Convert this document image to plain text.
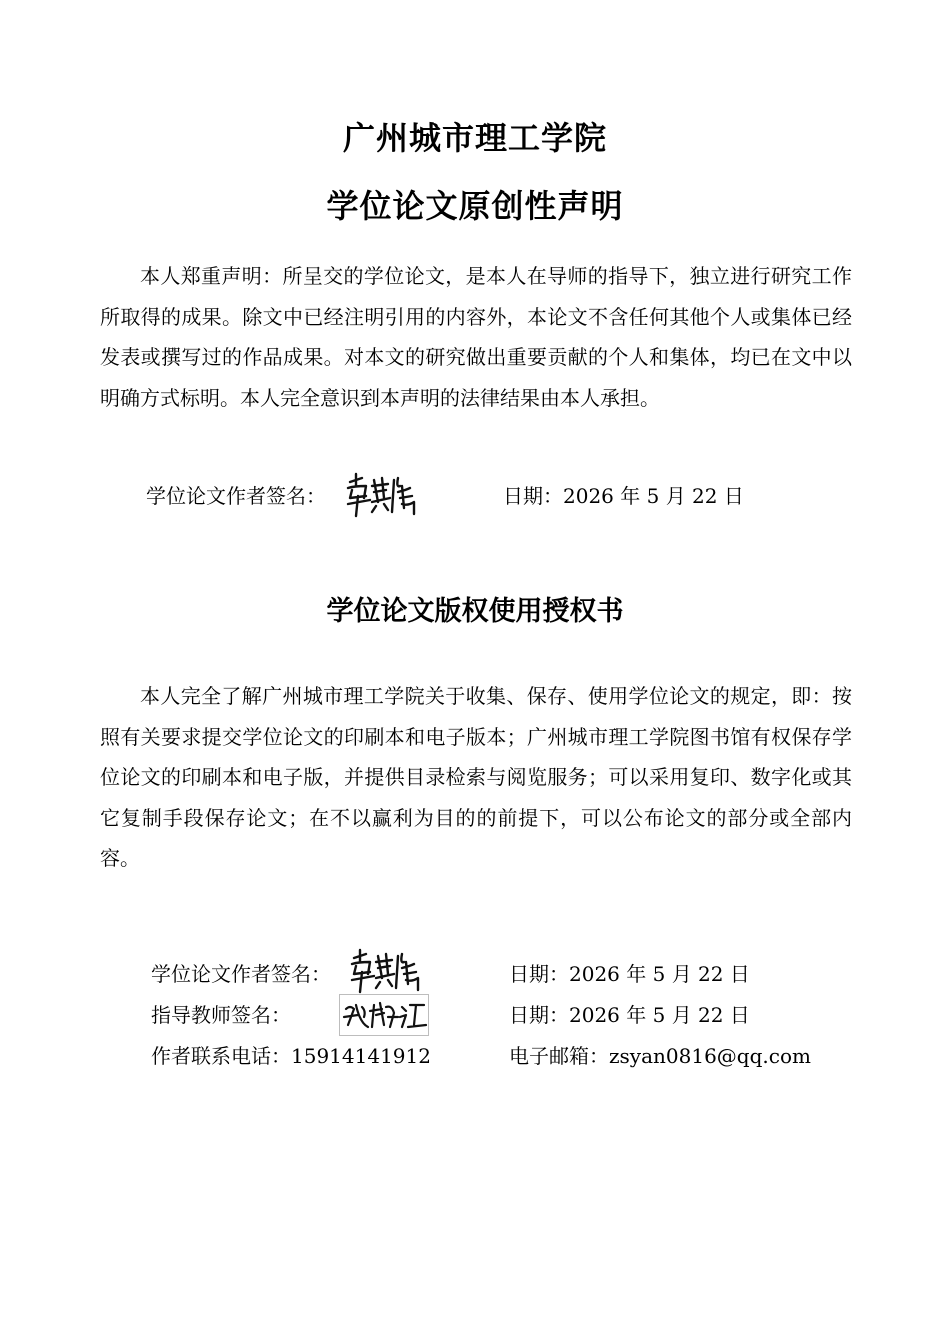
广州城市理工学院
学位论文原创性声明

本人郑重声明：所呈交的学位论文，是本人在导师的指导下，独立进行研究工作所取得的成果。除文中已经注明引用的内容外，本论文不含任何其他个人或集体已经发表或撰写过的作品成果。对本文的研究做出重要贡献的个人和集体，均已在文中以明确方式标明。本人完全意识到本声明的法律结果由本人承担。

学位论文作者签名：	日期：2026 年 5 月 22 日
学位论文版权使用授权书

本人完全了解广州城市理工学院关于收集、保存、使用学位论文的规定，即：按照有关要求提交学位论文的印刷本和电子版本；广州城市理工学院图书馆有权保存学位论文的印刷本和电子版，并提供目录检索与阅览服务；可以采用复印、数字化或其它复制手段保存论文；在不以赢利为目的的前提下，可以公布论文的部分或全部内容。

学位论文作者签名：	日期：2026 年 5 月 22 日
指导教师签名：	日期：2026 年 5 月 22 日
作者联系电话：15914141912	电子邮箱：zsyan0816@qq.com
